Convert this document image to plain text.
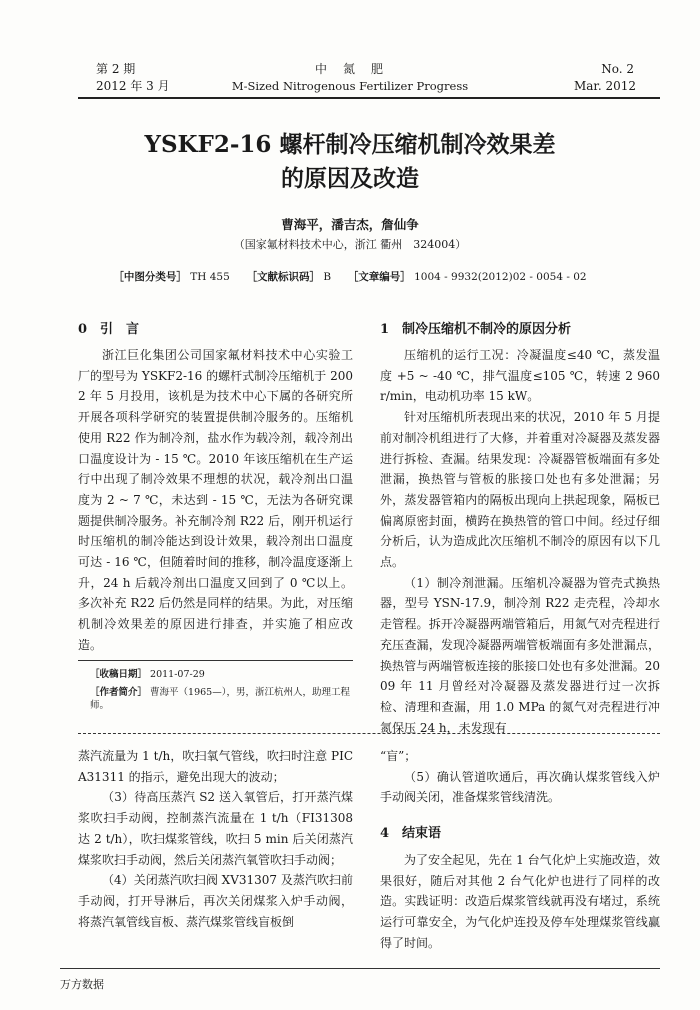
第 2 期
2012 年 3 月
中　氮　肥
M-Sized Nitrogenous Fertilizer Progress
No. 2
Mar. 2012
YSKF2-16 螺杆制冷压缩机制冷效果差
的原因及改造
曹海平，潘吉杰，詹仙争
（国家氟材料技术中心，浙江 衢州　324004）
［中图分类号］ TH 455 ［文献标识码］ B ［文章编号］ 1004 - 9932(2012)02 - 0054 - 02
0　引　言

浙江巨化集团公司国家氟材料技术中心实验工厂的型号为 YSKF2-16 的螺杆式制冷压缩机于 2002 年 5 月投用，该机是为技术中心下属的各研究所开展各项科学研究的装置提供制冷服务的。压缩机使用 R22 作为制冷剂，盐水作为载冷剂，载冷剂出口温度设计为 - 15 ℃。2010 年该压缩机在生产运行中出现了制冷效果不理想的状况，载冷剂出口温度为 2 ~ 7 ℃，未达到 - 15 ℃，无法为各研究课题提供制冷服务。补充制冷剂 R22 后，刚开机运行时压缩机的制冷能达到设计效果，载冷剂出口温度可达 - 16 ℃，但随着时间的推移，制冷温度逐渐上升，24 h 后载冷剂出口温度又回到了 0 ℃以上。多次补充 R22 后仍然是同样的结果。为此，对压缩机制冷效果差的原因进行排查，并实施了相应改造。

［收稿日期］ 2011-07-29
［作者简介］ 曹海平（1965—），男，浙江杭州人，助理工程师。
1　制冷压缩机不制冷的原因分析

压缩机的运行工况：冷凝温度≤40 ℃，蒸发温度 +5 ~ -40 ℃，排气温度≤105 ℃，转速 2 960 r/min，电动机功率 15 kW。

针对压缩机所表现出来的状况，2010 年 5 月提前对制冷机组进行了大修，并着重对冷凝器及蒸发器进行拆检、查漏。结果发现：冷凝器管板端面有多处泄漏，换热管与管板的胀接口处也有多处泄漏；另外，蒸发器管箱内的隔板出现向上拱起现象，隔板已偏离原密封面，横跨在换热管的管口中间。经过仔细分析后，认为造成此次压缩机不制冷的原因有以下几点。

（1）制冷剂泄漏。压缩机冷凝器为管壳式换热器，型号 YSN-17.9，制冷剂 R22 走壳程，冷却水走管程。拆开冷凝器两端管箱后，用氮气对壳程进行充压查漏，发现冷凝器两端管板端面有多处泄漏点，换热管与两端管板连接的胀接口处也有多处泄漏。2009 年 11 月曾经对冷凝器及蒸发器进行过一次拆检、清理和查漏，用 1.0 MPa 的氮气对壳程进行冲氮保压 24 h，未发现有

蒸汽流量为 1 t/h，吹扫氧气管线，吹扫时注意 PICA31311 的指示，避免出现大的波动；

（3）待高压蒸汽 S2 送入氧管后，打开蒸汽煤浆吹扫手动阀，控制蒸汽流量在 1 t/h（FI31308 达 2 t/h），吹扫煤浆管线，吹扫 5 min 后关闭蒸汽煤浆吹扫手动阀，然后关闭蒸汽氧管吹扫手动阀；

（4）关闭蒸汽吹扫阀 XV31307 及蒸汽吹扫前手动阀，打开导淋后，再次关闭煤浆入炉手动阀，将蒸汽氧管线盲板、蒸汽煤浆管线盲板倒

“盲”；

（5）确认管道吹通后，再次确认煤浆管线入炉手动阀关闭，准备煤浆管线清洗。

4　结束语

为了安全起见，先在 1 台气化炉上实施改造，效果很好，随后对其他 2 台气化炉也进行了同样的改造。实践证明：改造后煤浆管线就再没有堵过，系统运行可靠安全，为气化炉连投及停车处理煤浆管线赢得了时间。

万方数据
